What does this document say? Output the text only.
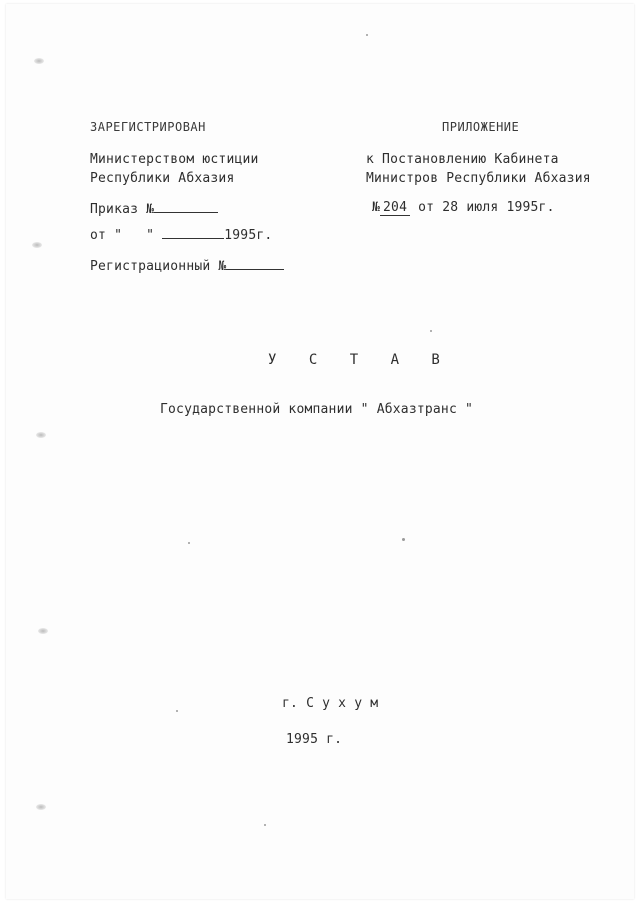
ЗАРЕГИСТРИРОВАН
Министерством юстиции
Республики Абхазия
Приказ №
от "   "	1995г.
Регистрационный №
ПРИЛОЖЕНИЕ
к Постановлению Кабинета
Министров Республики Абхазия
№ 204 от 28 июля 1995г.
У С Т А В
Государственной компании " Абхазтранс "
г. С у х у м
1995 г.
